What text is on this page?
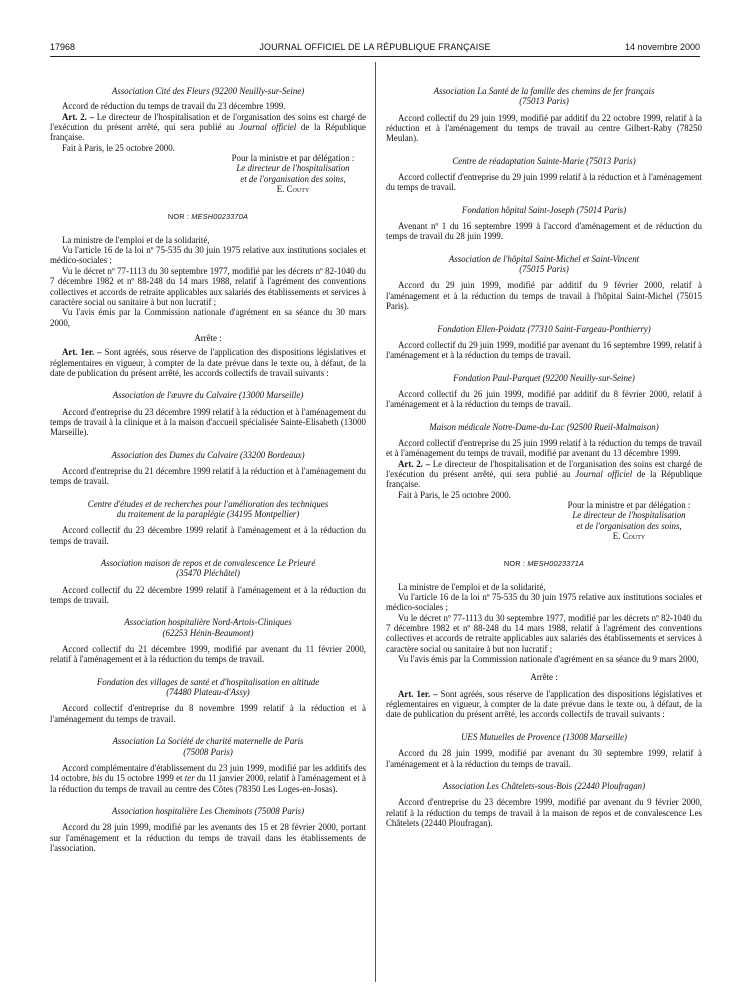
17968	JOURNAL OFFICIEL DE LA RÉPUBLIQUE FRANÇAISE	14 novembre 2000
Association Cité des Fleurs (92200 Neuilly-sur-Seine)

Accord de réduction du temps de travail du 23 décembre 1999.

Art. 2. – Le directeur de l'hospitalisation et de l'organisation des soins est chargé de l'exécution du présent arrêté, qui sera publié au Journal officiel de la République française.

Fait à Paris, le 25 octobre 2000.

Pour la ministre et par délégation :
Le directeur de l'hospitalisation
et de l'organisation des soins,
E. Couty
NOR : MESH0023370A

La ministre de l'emploi et de la solidarité,

Vu l'article 16 de la loi nº 75-535 du 30 juin 1975 relative aux institutions sociales et médico-sociales ;

Vu le décret nº 77-1113 du 30 septembre 1977, modifié par les décrets nº 82-1040 du 7 décembre 1982 et nº 88-248 du 14 mars 1988, relatif à l'agrément des conventions collectives et accords de retraite applicables aux salariés des établissements et services à caractère social ou sanitaire à but non lucratif ;

Vu l'avis émis par la Commission nationale d'agrément en sa séance du 30 mars 2000,

Arrête :

Art. 1er. – Sont agréés, sous réserve de l'application des dispositions législatives et réglementaires en vigueur, à compter de la date prévue dans le texte ou, à défaut, de la date de publication du présent arrêté, les accords collectifs de travail suivants :

Association de l'œuvre du Calvaire (13000 Marseille)

Accord d'entreprise du 23 décembre 1999 relatif à la réduction et à l'aménagement du temps de travail à la clinique et à la maison d'accueil spécialisée Sainte-Elisabeth (13000 Marseille).

Association des Dames du Calvaire (33200 Bordeaux)

Accord d'entreprise du 21 décembre 1999 relatif à la réduction et à l'aménagement du temps de travail.

Centre d'études et de recherches pour l'amélioration des techniques
du traitement de la paraplégie (34195 Montpellier)

Accord collectif du 23 décembre 1999 relatif à l'aménagement et à la réduction du temps de travail.

Association maison de repos et de convalescence Le Prieuré
(35470 Pléchâtel)

Accord collectif du 22 décembre 1999 relatif à l'aménagement et à la réduction du temps de travail.

Association hospitalière Nord-Artois-Cliniques
(62253 Hénin-Beaumont)

Accord collectif du 21 décembre 1999, modifié par avenant du 11 février 2000, relatif à l'aménagement et à la réduction du temps de travail.

Fondation des villages de santé et d'hospitalisation en altitude
(74480 Plateau-d'Assy)

Accord collectif d'entreprise du 8 novembre 1999 relatif à la réduction et à l'aménagement du temps de travail.

Association La Société de charité maternelle de Paris
(75008 Paris)

Accord complémentaire d'établissement du 23 juin 1999, modifié par les additifs des 14 octobre, bis du 15 octobre 1999 et ter du 11 janvier 2000, relatif à l'aménagement et à la réduction du temps de travail au centre des Côtes (78350 Les Loges-en-Josas).

Association hospitalière Les Cheminots (75008 Paris)

Accord du 28 juin 1999, modifié par les avenants des 15 et 28 février 2000, portant sur l'aménagement et la réduction du temps de travail dans les établissements de l'association.

Association La Santé de la famille des chemins de fer français
(75013 Paris)

Accord collectif du 29 juin 1999, modifié par additif du 22 octobre 1999, relatif à la réduction et à l'aménagement du temps de travail au centre Gilbert-Raby (78250 Meulan).

Centre de réadaptation Sainte-Marie (75013 Paris)

Accord collectif d'entreprise du 29 juin 1999 relatif à la réduction et à l'aménagement du temps de travail.

Fondation hôpital Saint-Joseph (75014 Paris)

Avenant nº 1 du 16 septembre 1999 à l'accord d'aménagement et de réduction du temps de travail du 28 juin 1999.

Association de l'hôpital Saint-Michel et Saint-Vincent
(75015 Paris)

Accord du 29 juin 1999, modifié par additif du 9 février 2000, relatif à l'aménagement et à la réduction du temps de travail à l'hôpital Saint-Michel (75015 Paris).

Fondation Ellen-Poidatz (77310 Saint-Fargeau-Ponthierry)

Accord collectif du 29 juin 1999, modifié par avenant du 16 septembre 1999, relatif à l'aménagement et à la réduction du temps de travail.

Fondation Paul-Parquet (92200 Neuilly-sur-Seine)

Accord collectif du 26 juin 1999, modifié par additif du 8 février 2000, relatif à l'aménagement et à la réduction du temps de travail.

Maison médicale Notre-Dame-du-Lac (92500 Rueil-Malmaison)

Accord collectif d'entreprise du 25 juin 1999 relatif à la réduction du temps de travail et à l'aménagement du temps de travail, modifié par avenant du 13 décembre 1999.

Art. 2. – Le directeur de l'hospitalisation et de l'organisation des soins est chargé de l'exécution du présent arrêté, qui sera publié au Journal officiel de la République française.

Fait à Paris, le 25 octobre 2000.

Pour la ministre et par délégation :
Le directeur de l'hospitalisation
et de l'organisation des soins,
E. Couty
NOR : MESH0023371A

La ministre de l'emploi et de la solidarité,

Vu l'article 16 de la loi nº 75-535 du 30 juin 1975 relative aux institutions sociales et médico-sociales ;

Vu le décret nº 77-1113 du 30 septembre 1977, modifié par les décrets nº 82-1040 du 7 décembre 1982 et nº 88-248 du 14 mars 1988, relatif à l'agrément des conventions collectives et accords de retraite applicables aux salariés des établissements et services à caractère social ou sanitaire à but non lucratif ;

Vu l'avis émis par la Commission nationale d'agrément en sa séance du 9 mars 2000,

Arrête :

Art. 1er. – Sont agréés, sous réserve de l'application des dispositions législatives et réglementaires en vigueur, à compter de la date prévue dans le texte ou, à défaut, de la date de publication du présent arrêté, les accords collectifs de travail suivants :

UES Mutuelles de Provence (13008 Marseille)

Accord du 28 juin 1999, modifié par avenant du 30 septembre 1999, relatif à l'aménagement et à la réduction du temps de travail.

Association Les Châtelets-sous-Bois (22440 Ploufragan)

Accord d'entreprise du 23 décembre 1999, modifié par avenant du 9 février 2000, relatif à la réduction du temps de travail à la maison de repos et de convalescence Les Châtelets (22440 Ploufragan).
